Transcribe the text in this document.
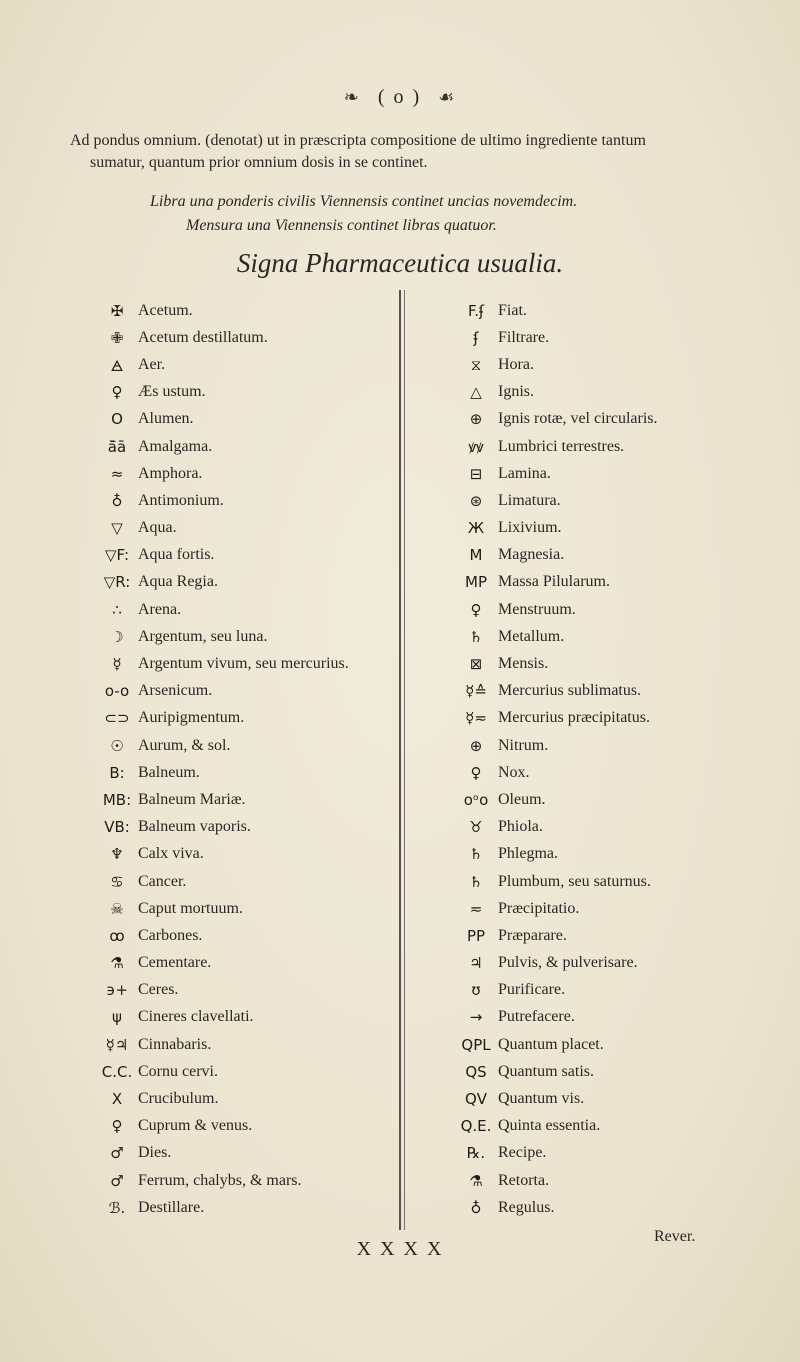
❧ ( o ) ☙

Ad pondus omnium. (denotat) ut in præscripta compositione de ultimo ingrediente tantum

sumatur, quantum prior omnium dosis in se continet.

Libra una ponderis civilis Viennensis continet uncias novemdecim.
Mensura una Viennensis continet libras quatuor.
Signa Pharmaceutica usualia.
✠ Acetum.
✙ Acetum destillatum.
🜁 Aer.
♀ Æs ustum.
O Alumen.
ā̄ā Amalgama.
≈ Amphora.
♁ Antimonium.
▽ Aqua.
▽F: Aqua fortis.
▽R: Aqua Regia.
∴	Arena.
☽ Argentum, seu luna.
☿	Argentum vivum, seu mercurius.
o-o Arsenicum.
⊂⊃ Auripigmentum.
☉ Aurum, & sol.
B: Balneum.
MB: Balneum Mariæ.
VB: Balneum vaporis.
♆ Calx viva.
♋ Cancer.
☠ Caput mortuum.
ꝏ Carbones.
⚗ Cementare.
϶+ Ceres.
ψ	Cineres clavellati.
☿♃ Cinnabaris.
C.C. Cornu cervi.
X Crucibulum.
♀ Cuprum & venus.
♂ Dies.
♂ Ferrum, chalybs, & mars.
ℬ. Destillare.
F.ʄ Fiat.
ʄ	Filtrare.
⧖	Hora.
△	Ignis.
⊕ Ignis rotæ, vel circularis.
ꝟꝟ Lumbrici terrestres.
⊟ Lamina.
⊛ Limatura.
Ж Lixivium.
M Magnesia.
MP Massa Pilularum.
♀	Menstruum.
♄ Metallum.
⊠ Mensis.
☿≙ Mercurius sublimatus.
☿≂ Mercurius præcipitatus.
⊕ Nitrum.
♀	Nox.
oᵒo Oleum.
♉ Phiola.
♄ Phlegma.
♄ Plumbum, seu saturnus.
≂ Præcipitatio.
PP Præparare.
♃ Pulvis, & pulverisare.
ʊ	Purificare.
→ Putrefacere.
QPL Quantum placet.
QS Quantum satis.
QV Quantum vis.
Q.E. Quinta essentia.
℞. Recipe.
⚗ Retorta.
♁	Regulus.
X X X X
Rever.
